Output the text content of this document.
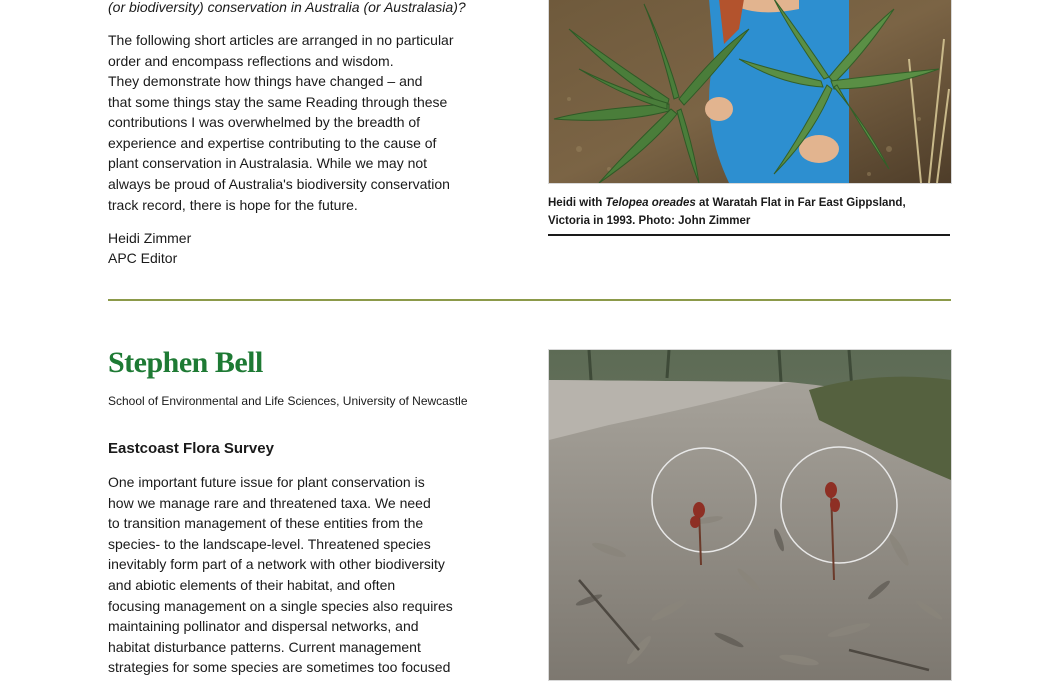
(or biodiversity) conservation in Australia (or Australasia)?
The following short articles are arranged in no particular
order and encompass reflections and wisdom.
They demonstrate how things have changed – and
that some things stay the same Reading through these
contributions I was overwhelmed by the breadth of
experience and expertise contributing to the cause of
plant conservation in Australasia. While we may not
always be proud of Australia's biodiversity conservation
track record, there is hope for the future.
Heidi Zimmer
APC Editor
Heidi with Telopea oreades at Waratah Flat in Far East Gippsland,
Victoria in 1993. Photo: John Zimmer
Stephen Bell
School of Environmental and Life Sciences, University of Newcastle
Eastcoast Flora Survey
One important future issue for plant conservation is
how we manage rare and threatened taxa. We need
to transition management of these entities from the
species- to the landscape-level. Threatened species
inevitably form part of a network with other biodiversity
and abiotic elements of their habitat, and often
focusing management on a single species also requires
maintaining pollinator and dispersal networks, and
habitat disturbance patterns. Current management
strategies for some species are sometimes too focused
